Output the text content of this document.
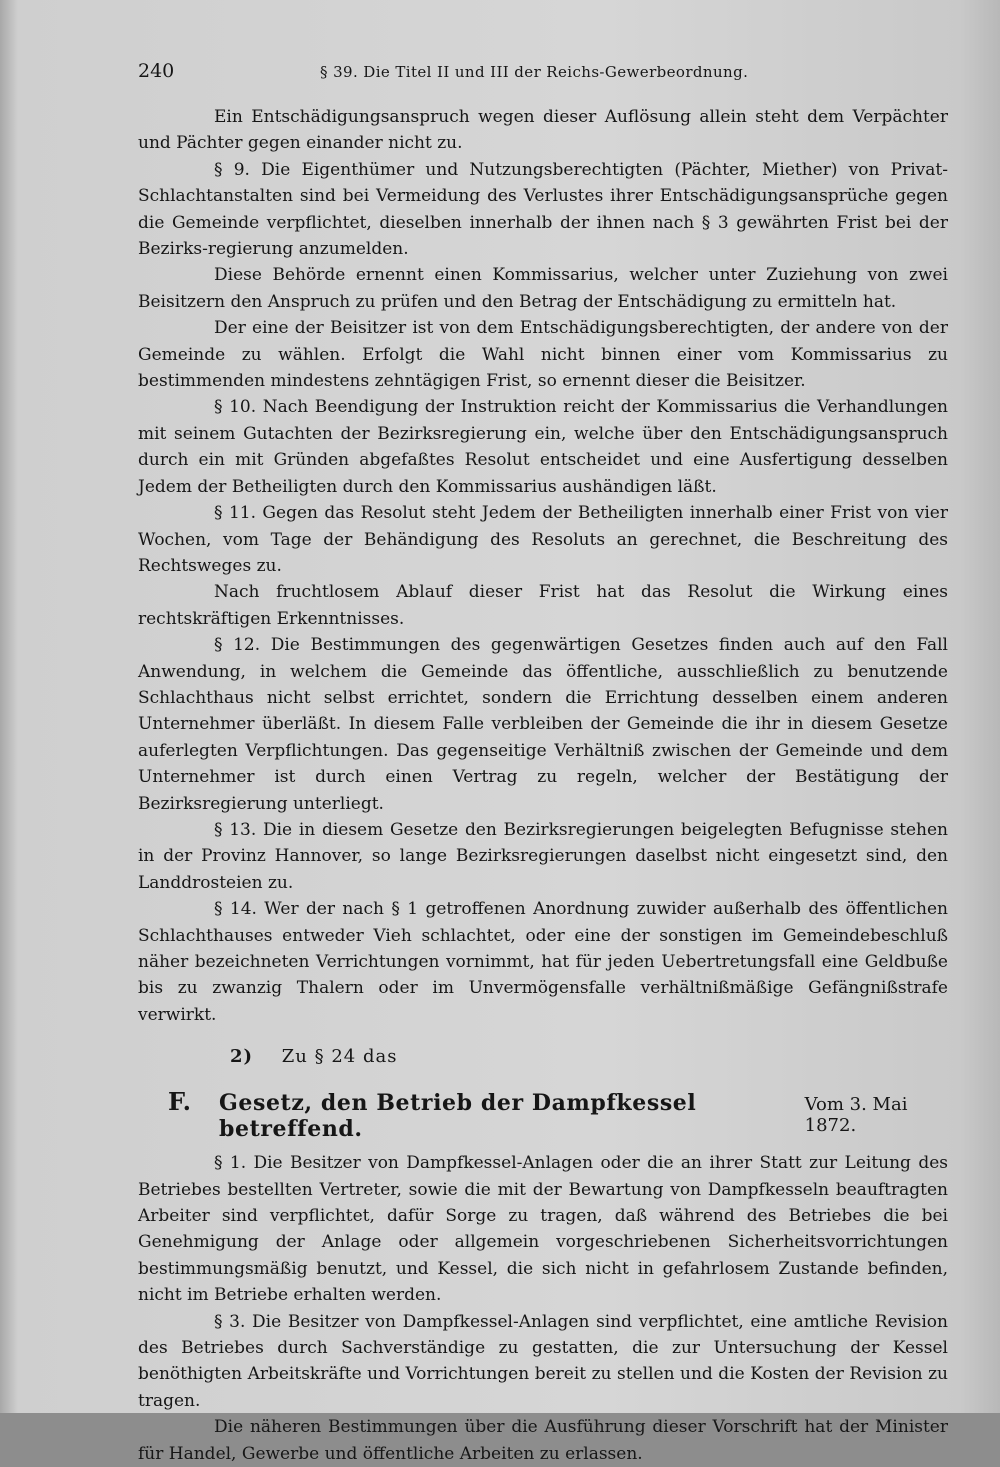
240	§ 39. Die Titel II und III der Reichs-Gewerbeordnung.

Ein Entschädigungsanspruch wegen dieser Auflösung allein steht dem Verpächter und Pächter gegen einander nicht zu.

§ 9. Die Eigenthümer und Nutzungsberechtigten (Pächter, Miether) von Privat-Schlachtanstalten sind bei Vermeidung des Verlustes ihrer Entschädigungsansprüche gegen die Gemeinde verpflichtet, dieselben innerhalb der ihnen nach § 3 gewährten Frist bei der Bezirks-regierung anzumelden.

Diese Behörde ernennt einen Kommissarius, welcher unter Zuziehung von zwei Beisitzern den Anspruch zu prüfen und den Betrag der Entschädigung zu ermitteln hat.

Der eine der Beisitzer ist von dem Entschädigungsberechtigten, der andere von der Gemeinde zu wählen. Erfolgt die Wahl nicht binnen einer vom Kommissarius zu bestimmenden mindestens zehntägigen Frist, so ernennt dieser die Beisitzer.

§ 10. Nach Beendigung der Instruktion reicht der Kommissarius die Verhandlungen mit seinem Gutachten der Bezirksregierung ein, welche über den Entschädigungsanspruch durch ein mit Gründen abgefaßtes Resolut entscheidet und eine Ausfertigung desselben Jedem der Betheiligten durch den Kommissarius aushändigen läßt.

§ 11. Gegen das Resolut steht Jedem der Betheiligten innerhalb einer Frist von vier Wochen, vom Tage der Behändigung des Resoluts an gerechnet, die Beschreitung des Rechtsweges zu.

Nach fruchtlosem Ablauf dieser Frist hat das Resolut die Wirkung eines rechtskräftigen Erkenntnisses.

§ 12. Die Bestimmungen des gegenwärtigen Gesetzes finden auch auf den Fall Anwendung, in welchem die Gemeinde das öffentliche, ausschließlich zu benutzende Schlachthaus nicht selbst errichtet, sondern die Errichtung desselben einem anderen Unternehmer überläßt. In diesem Falle verbleiben der Gemeinde die ihr in diesem Gesetze auferlegten Verpflichtungen. Das gegenseitige Verhältniß zwischen der Gemeinde und dem Unternehmer ist durch einen Vertrag zu regeln, welcher der Bestätigung der Bezirksregierung unterliegt.

§ 13. Die in diesem Gesetze den Bezirksregierungen beigelegten Befugnisse stehen in der Provinz Hannover, so lange Bezirksregierungen daselbst nicht eingesetzt sind, den Landdrosteien zu.

§ 14. Wer der nach § 1 getroffenen Anordnung zuwider außerhalb des öffentlichen Schlachthauses entweder Vieh schlachtet, oder eine der sonstigen im Gemeindebeschluß näher bezeichneten Verrichtungen vornimmt, hat für jeden Uebertretungsfall eine Geldbuße bis zu zwanzig Thalern oder im Unvermögensfalle verhältnißmäßige Gefängnißstrafe verwirkt.

2) Zu § 24 das
F. Gesetz, den Betrieb der Dampfkessel betreffend.
Vom 3. Mai 1872.

§ 1. Die Besitzer von Dampfkessel-Anlagen oder die an ihrer Statt zur Leitung des Betriebes bestellten Vertreter, sowie die mit der Bewartung von Dampfkesseln beauftragten Arbeiter sind verpflichtet, dafür Sorge zu tragen, daß während des Betriebes die bei Genehmigung der Anlage oder allgemein vorgeschriebenen Sicherheitsvorrichtungen bestimmungsmäßig benutzt, und Kessel, die sich nicht in gefahrlosem Zustande befinden, nicht im Betriebe erhalten werden.

§ 3. Die Besitzer von Dampfkessel-Anlagen sind verpflichtet, eine amtliche Revision des Betriebes durch Sachverständige zu gestatten, die zur Untersuchung der Kessel benöthigten Arbeitskräfte und Vorrichtungen bereit zu stellen und die Kosten der Revision zu tragen.

Die näheren Bestimmungen über die Ausführung dieser Vorschrift hat der Minister für Handel, Gewerbe und öffentliche Arbeiten zu erlassen.
